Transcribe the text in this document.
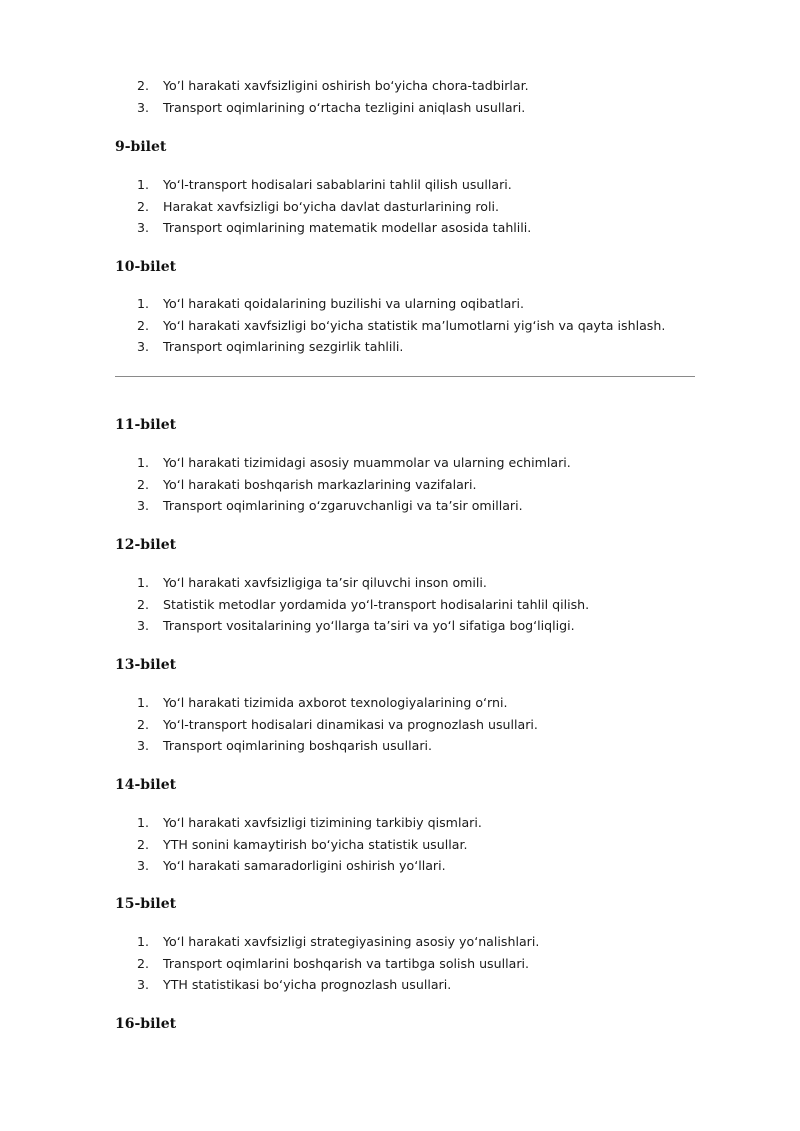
2.	Yo’l harakati xavfsizligini oshirish bo‘yicha chora-tadbirlar.
3.	Transport oqimlarining o‘rtacha tezligini aniqlash usullari.
9-bilet
1.	Yo‘l-transport hodisalari sabablarini tahlil qilish usullari.
2.	Harakat xavfsizligi bo‘yicha davlat dasturlarining roli.
3.	Transport oqimlarining matematik modellar asosida tahlili.
10-bilet
1.	Yo‘l harakati qoidalarining buzilishi va ularning oqibatlari.
2.	Yo‘l harakati xavfsizligi bo‘yicha statistik ma’lumotlarni yig‘ish va qayta ishlash.
3.	Transport oqimlarining sezgirlik tahlili.
11-bilet
1.	Yo‘l harakati tizimidagi asosiy muammolar va ularning echimlari.
2.	Yo‘l harakati boshqarish markazlarining vazifalari.
3.	Transport oqimlarining o‘zgaruvchanligi va ta’sir omillari.
12-bilet
1.	Yo‘l harakati xavfsizligiga ta’sir qiluvchi inson omili.
2.	Statistik metodlar yordamida yo‘l-transport hodisalarini tahlil qilish.
3.	Transport vositalarining yo‘llarga ta’siri va yo‘l sifatiga bog‘liqligi.
13-bilet
1.	Yo‘l harakati tizimida axborot texnologiyalarining o‘rni.
2.	Yo‘l-transport hodisalari dinamikasi va prognozlash usullari.
3.	Transport oqimlarining boshqarish usullari.
14-bilet
1.	Yo‘l harakati xavfsizligi tizimining tarkibiy qismlari.
2.	YTH sonini kamaytirish bo‘yicha statistik usullar.
3.	Yo‘l harakati samaradorligini oshirish yo‘llari.
15-bilet
1.	Yo‘l harakati xavfsizligi strategiyasining asosiy yo‘nalishlari.
2.	Transport oqimlarini boshqarish va tartibga solish usullari.
3.	YTH statistikasi bo‘yicha prognozlash usullari.
16-bilet
